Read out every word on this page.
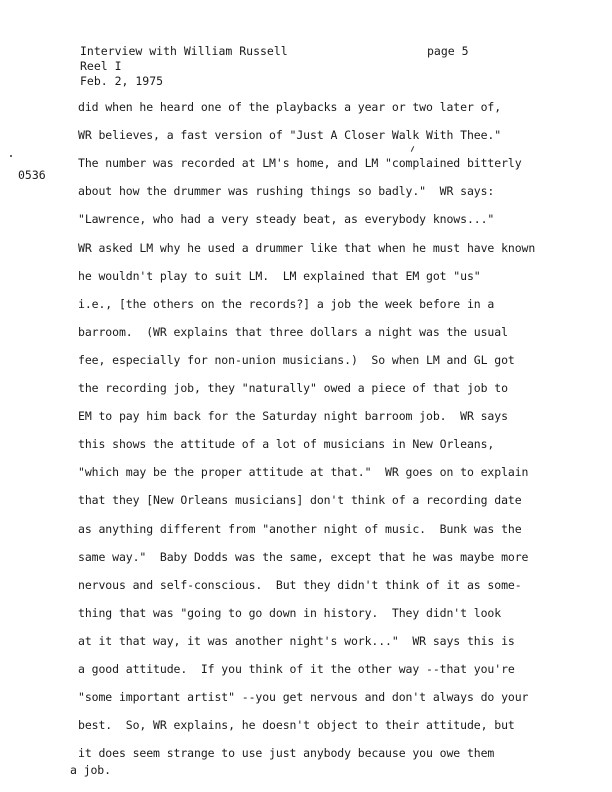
Interview with William Russell	page 5
Reel I
Feb. 2, 1975
0536
did when he heard one of the playbacks a year or two later of,
WR believes, a fast version of "Just A Closer Walk With Thee."
The number was recorded at LM's home, and LM "complained bitterly
about how the drummer was rushing things so badly."  WR says:
"Lawrence, who had a very steady beat, as everybody knows..."
WR asked LM why he used a drummer like that when he must have known
he wouldn't play to suit LM.  LM explained that EM got "us"
i.e., [the others on the records?] a job the week before in a
barroom.  (WR explains that three dollars a night was the usual
fee, especially for non-union musicians.)  So when LM and GL got
the recording job, they "naturally" owed a piece of that job to
EM to pay him back for the Saturday night barroom job.  WR says
this shows the attitude of a lot of musicians in New Orleans,
"which may be the proper attitude at that."  WR goes on to explain
that they [New Orleans musicians] don't think of a recording date
as anything different from "another night of music.  Bunk was the
same way."  Baby Dodds was the same, except that he was maybe more
nervous and self-conscious.  But they didn't think of it as some-
thing that was "going to go down in history.  They didn't look
at it that way, it was another night's work..."  WR says this is
a good attitude.  If you think of it the other way --that you're
"some important artist" --you get nervous and don't always do your
best.  So, WR explains, he doesn't object to their attitude, but
it does seem strange to use just anybody because you owe them
a job.
